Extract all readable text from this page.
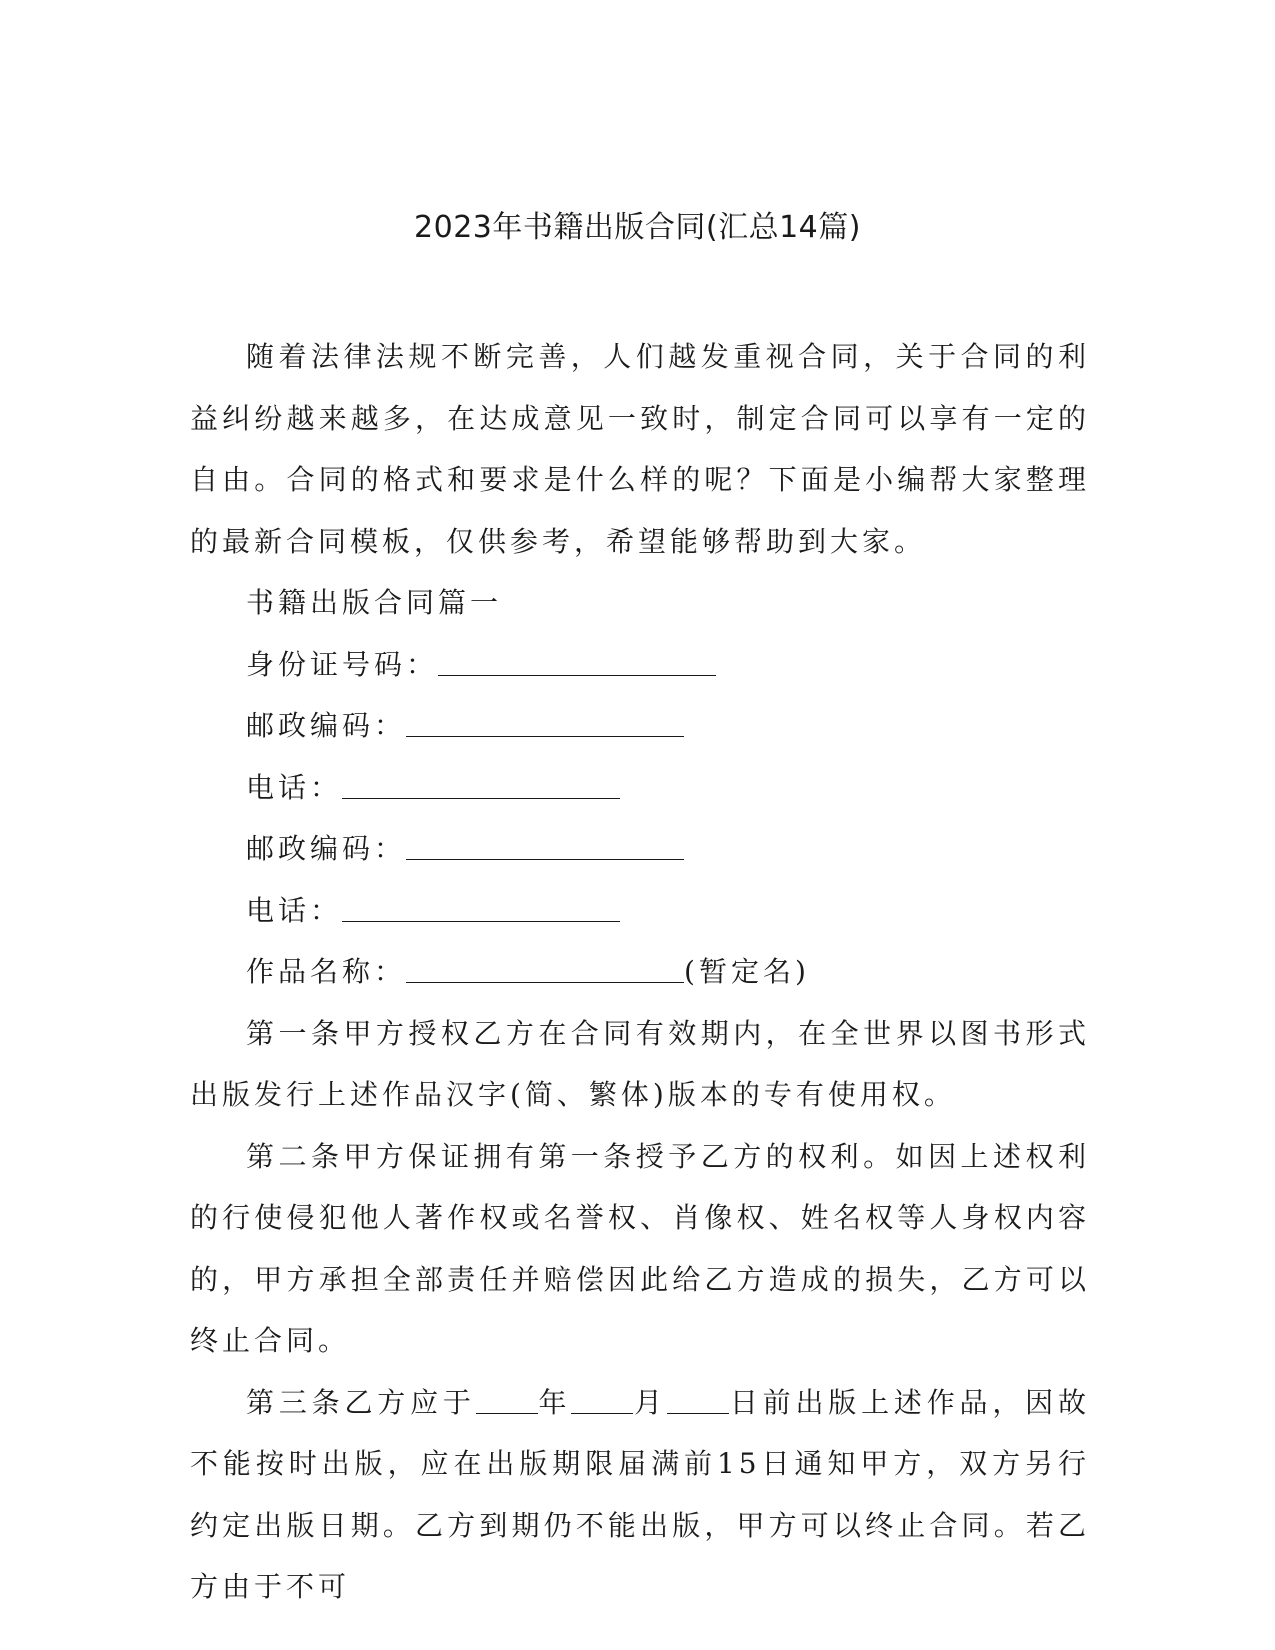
2023年书籍出版合同(汇总14篇)

随着法律法规不断完善，人们越发重视合同，关于合同的利益纠纷越来越多，在达成意见一致时，制定合同可以享有一定的自由。合同的格式和要求是什么样的呢？下面是小编帮大家整理的最新合同模板，仅供参考，希望能够帮助到大家。

书籍出版合同篇一

身份证号码：

邮政编码：

电话：

邮政编码：

电话：

作品名称：	(暂定名)

第一条甲方授权乙方在合同有效期内，在全世界以图书形式出版发行上述作品汉字(简、繁体)版本的专有使用权。

第二条甲方保证拥有第一条授予乙方的权利。如因上述权利的行使侵犯他人著作权或名誉权、肖像权、姓名权等人身权内容的，甲方承担全部责任并赔偿因此给乙方造成的损失，乙方可以终止合同。

第三条乙方应于 年 月 日前出版上述作品，因故不能按时出版，应在出版期限届满前15日通知甲方，双方另行约定出版日期。乙方到期仍不能出版，甲方可以终止合同。若乙方由于不可
